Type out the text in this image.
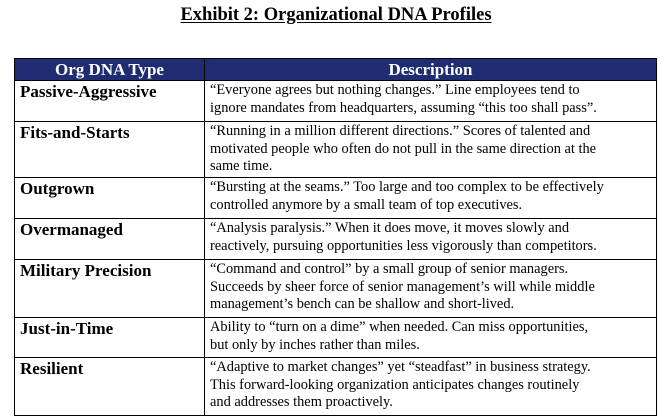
Exhibit 2: Organizational DNA Profiles
Org DNA Type	Description
Passive-Aggressive	“Everyone agrees but nothing changes.” Line employees tend to
ignore mandates from headquarters, assuming “this too shall pass”.

Fits-and-Starts	“Running in a million different directions.” Scores of talented and
motivated people who often do not pull in the same direction at the
same time.

Outgrown	“Bursting at the seams.” Too large and too complex to be effectively
controlled anymore by a small team of top executives.

Overmanaged	“Analysis paralysis.” When it does move, it moves slowly and
reactively, pursuing opportunities less vigorously than competitors.

Military Precision	“Command and control” by a small group of senior managers.
Succeeds by sheer force of senior management’s will while middle
management’s bench can be shallow and short-lived.

Just-in-Time	Ability to “turn on a dime” when needed. Can miss opportunities,
but only by inches rather than miles.

Resilient	“Adaptive to market changes” yet “steadfast” in business strategy.
This forward-looking organization anticipates changes routinely
and addresses them proactively.
